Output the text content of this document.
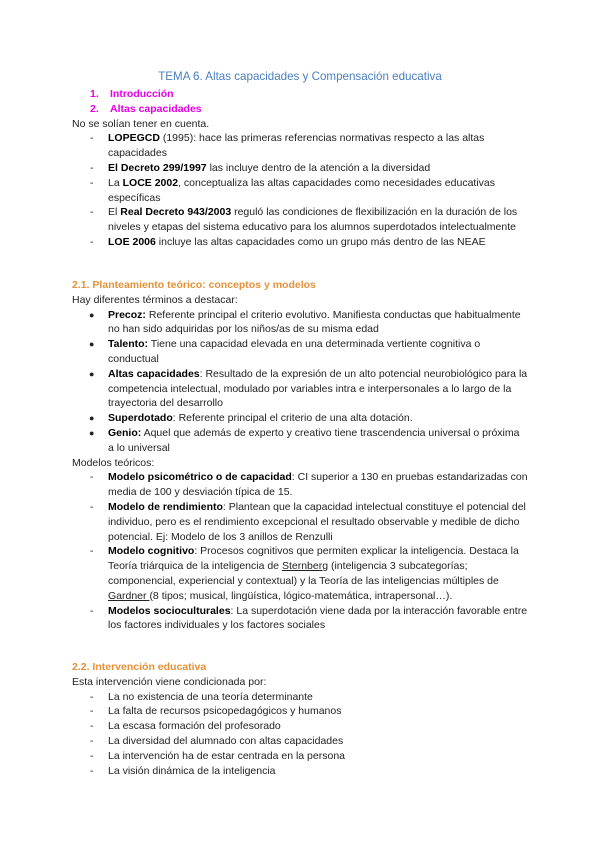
TEMA 6. Altas capacidades y Compensación educativa
1.	Introducción
2.	Altas capacidades

No se solían tener en cuenta.

- LOPEGCD (1995): hace las primeras referencias normativas respecto a las altas capacidades
- El Decreto 299/1997 las incluye dentro de la atención a la diversidad
- La LOCE 2002, conceptualiza las altas capacidades como necesidades educativas específicas
- El Real Decreto 943/2003 reguló las condiciones de flexibilización en la duración de los niveles y etapas del sistema educativo para los alumnos superdotados intelectualmente
- LOE 2006 incluye las altas capacidades como un grupo más dentro de las NEAE

2.1. Planteamiento teórico: conceptos y modelos

Hay diferentes términos a destacar:

● Precoz: Referente principal el criterio evolutivo. Manifiesta conductas que habitualmente no han sido adquiridas por los niños/as de su misma edad
● Talento: Tiene una capacidad elevada en una determinada vertiente cognitiva o conductual
● Altas capacidades: Resultado de la expresión de un alto potencial neurobiológico para la competencia intelectual, modulado por variables intra e interpersonales a lo largo de la trayectoria del desarrollo
● Superdotado: Referente principal el criterio de una alta dotación.
● Genio: Aquel que además de experto y creativo tiene trascendencia universal o próxima a lo universal

Modelos teóricos:

- Modelo psicométrico o de capacidad: CI superior a 130 en pruebas estandarizadas con media de 100 y desviación típica de 15.
- Modelo de rendimiento: Plantean que la capacidad intelectual constituye el potencial del individuo, pero es el rendimiento excepcional el resultado observable y medible de dicho potencial. Ej: Modelo de los 3 anillos de Renzulli
- Modelo cognitivo: Procesos cognitivos que permiten explicar la inteligencia. Destaca la Teoría triárquica de la inteligencia de Sternberg (inteligencia 3 subcategorías; componencial, experiencial y contextual) y la Teoría de las inteligencias múltiples de Gardner (8 tipos; musical, lingüística, lógico-matemática, intrapersonal…).
- Modelos socioculturales: La superdotación viene dada por la interacción favorable entre los factores individuales y los factores sociales

2.2. Intervención educativa

Esta intervención viene condicionada por:

- La no existencia de una teoría determinante
- La falta de recursos psicopedagógicos y humanos
- La escasa formación del profesorado
- La diversidad del alumnado con altas capacidades
- La intervención ha de estar centrada en la persona
- La visión dinámica de la inteligencia
